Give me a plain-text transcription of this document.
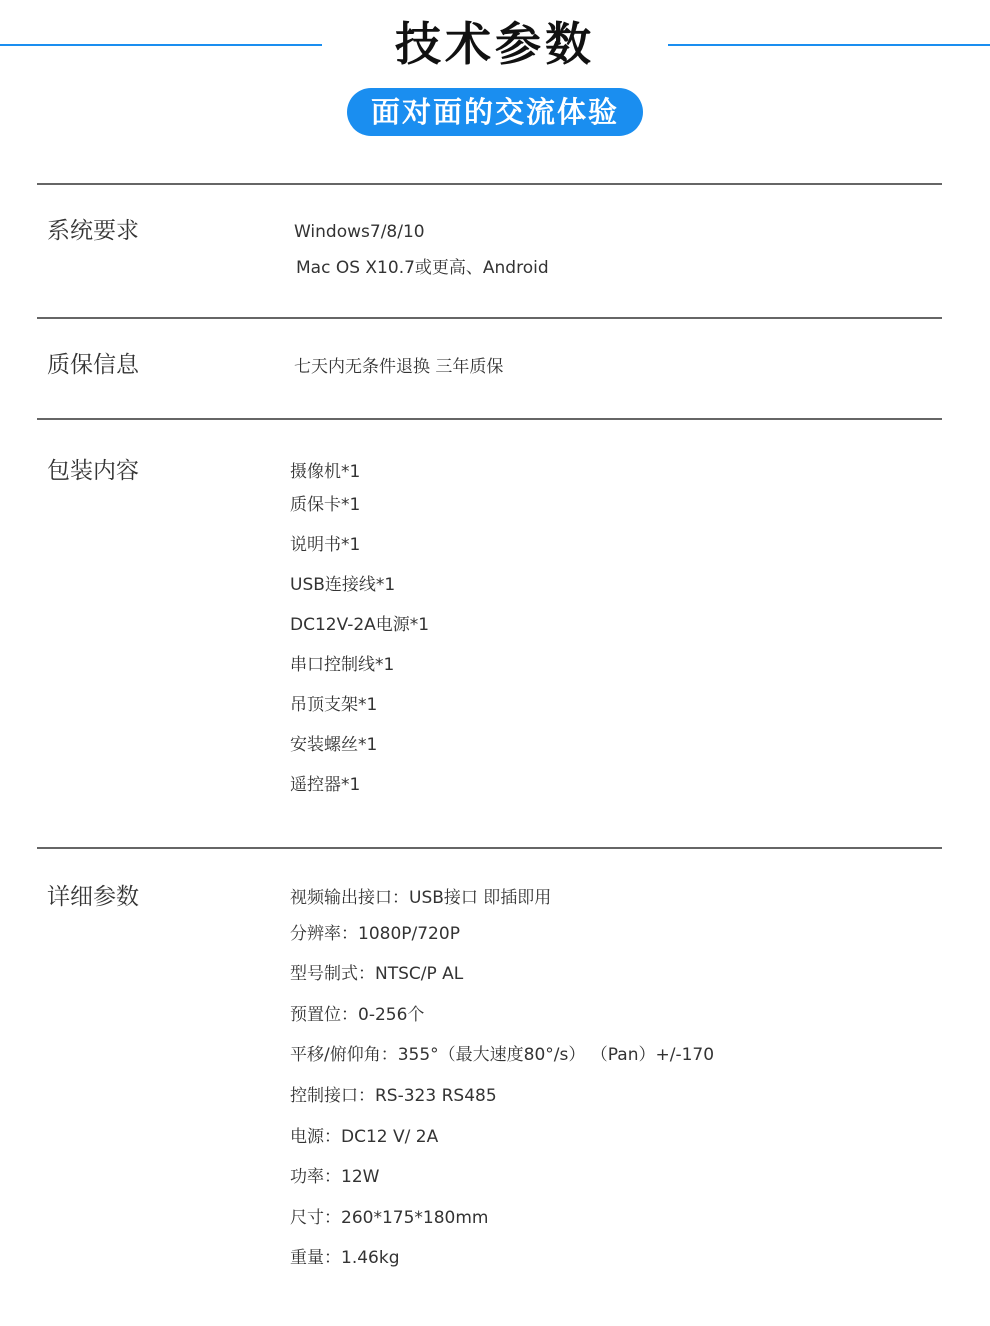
技术参数
面对面的交流体验
系统要求	Windows7/8/10
Mac OS X10.7或更高、Android
质保信息	七天内无条件退换 三年质保
包装内容	摄像机*1
质保卡*1
说明书*1
USB连接线*1
DC12V-2A电源*1
串口控制线*1
吊顶支架*1
安装螺丝*1
遥控器*1
详细参数	视频输出接口：USB接口 即插即用
分辨率：1080P/720P
型号制式：NTSC/P AL
预置位：0-256个
平移/俯仰角：355°（最大速度80°/s） （Pan）+/-170
控制接口：RS-323 RS485
电源：DC12 V/ 2A
功率：12W
尺寸：260*175*180mm
重量：1.46kg
